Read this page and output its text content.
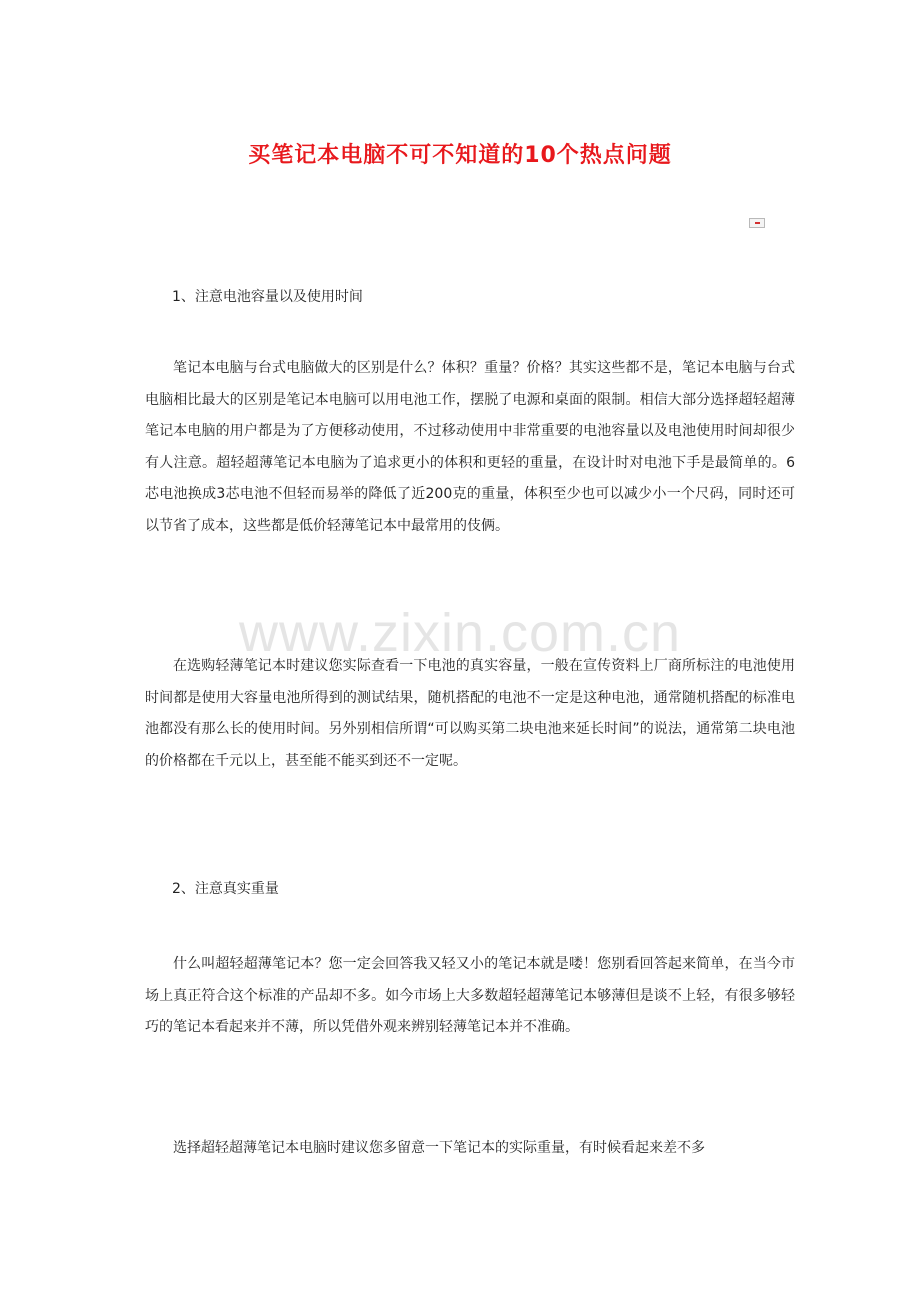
买笔记本电脑不可不知道的10个热点问题

1、注意电池容量以及使用时间

笔记本电脑与台式电脑做大的区别是什么？体积？重量？价格？其实这些都不是，笔记本电脑与台式电脑相比最大的区别是笔记本电脑可以用电池工作，摆脱了电源和桌面的限制。相信大部分选择超轻超薄笔记本电脑的用户都是为了方便移动使用，不过移动使用中非常重要的电池容量以及电池使用时间却很少有人注意。超轻超薄笔记本电脑为了追求更小的体积和更轻的重量，在设计时对电池下手是最简单的。6芯电池换成3芯电池不但轻而易举的降低了近200克的重量，体积至少也可以减少小一个尺码，同时还可以节省了成本，这些都是低价轻薄笔记本中最常用的伎俩。

在选购轻薄笔记本时建议您实际查看一下电池的真实容量，一般在宣传资料上厂商所标注的电池使用时间都是使用大容量电池所得到的测试结果，随机搭配的电池不一定是这种电池，通常随机搭配的标准电池都没有那么长的使用时间。另外别相信所谓“可以购买第二块电池来延长时间”的说法，通常第二块电池的价格都在千元以上，甚至能不能买到还不一定呢。

2、注意真实重量

什么叫超轻超薄笔记本？您一定会回答我又轻又小的笔记本就是喽！您别看回答起来简单，在当今市场上真正符合这个标准的产品却不多。如今市场上大多数超轻超薄笔记本够薄但是谈不上轻，有很多够轻巧的笔记本看起来并不薄，所以凭借外观来辨别轻薄笔记本并不准确。

选择超轻超薄笔记本电脑时建议您多留意一下笔记本的实际重量，有时候看起来差不多

www.zixin.com.cn
